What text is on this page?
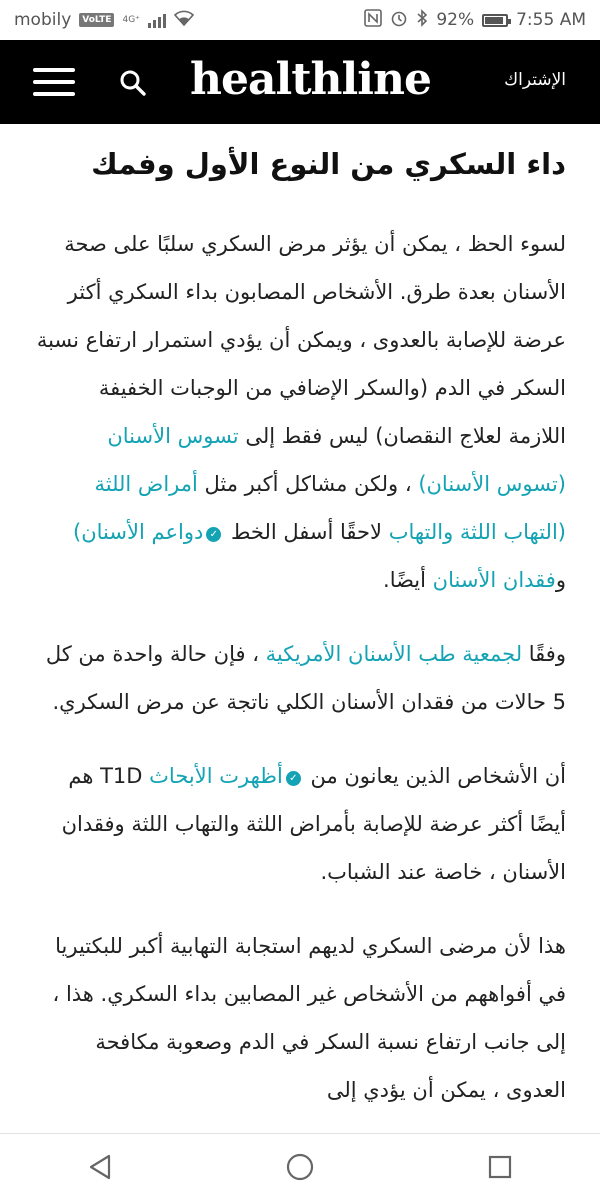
mobily	VoLTE	4G⁺	92% 7:55 AM
healthline	الإشتراك
داء السكري من النوع الأول وفمك

لسوء الحظ ، يمكن أن يؤثر مرض السكري سلبًا على صحة الأسنان بعدة طرق. الأشخاص المصابون بداء السكري أكثر عرضة للإصابة بالعدوى ، ويمكن أن يؤدي استمرار ارتفاع نسبة السكر في الدم (والسكر الإضافي من الوجبات الخفيفة اللازمة لعلاج النقصان) ليس فقط إلى تسوس الأسنان (تسوس الأسنان) ، ولكن مشاكل أكبر مثل أمراض اللثة (التهاب اللثة والتهاب لاحقًا أسفل الخط ✓دواعم الأسنان) وفقدان الأسنان أيضًا.

وفقًا لجمعية طب الأسنان الأمريكية ، فإن حالة واحدة من كل 5 حالات من فقدان الأسنان الكلي ناتجة عن مرض السكري.

أن الأشخاص الذين يعانون من ✓أظهرت الأبحاث T1D هم أيضًا أكثر عرضة للإصابة بأمراض اللثة والتهاب اللثة وفقدان الأسنان ، خاصة عند الشباب.

هذا لأن مرضى السكري لديهم استجابة التهابية أكبر للبكتيريا في أفواههم من الأشخاص غير المصابين بداء السكري. هذا ، إلى جانب ارتفاع نسبة السكر في الدم وصعوبة مكافحة العدوى ، يمكن أن يؤدي إلى
